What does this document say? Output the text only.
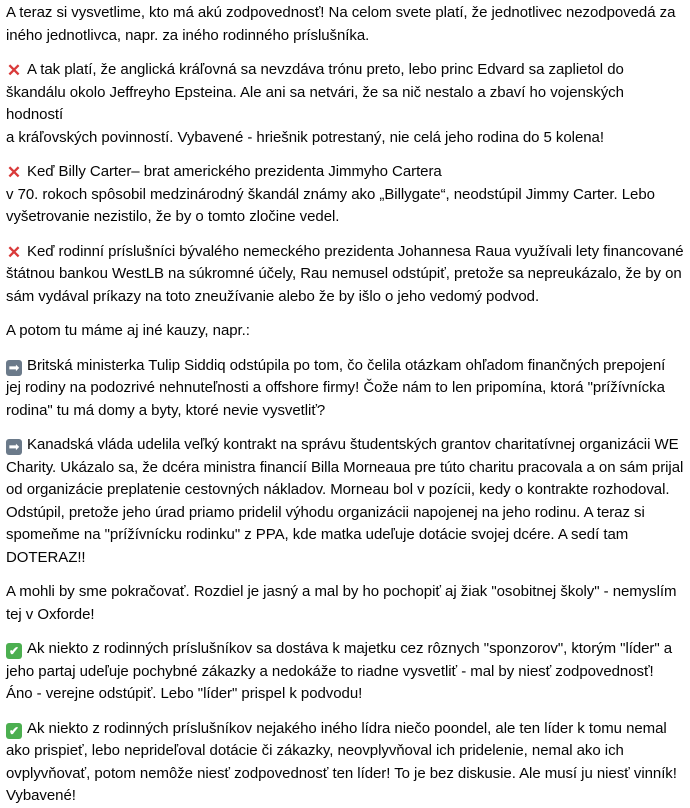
A teraz si vysvetlime, kto má akú zodpovednosť! Na celom svete platí, že jednotlivec nezodpovedá za
iného jednotlivca, napr. za iného rodinného príslušníka.

✕ A tak platí, že anglická kráľovná sa nevzdáva trónu preto, lebo princ Edvard sa zaplietol do
škandálu okolo Jeffreyho Epsteina. Ale ani sa netvári, že sa nič nestalo a zbaví ho vojenských hodností
a kráľovských povinností. Vybavené - hriešnik potrestaný, nie celá jeho rodina do 5 kolena!

✕ Keď Billy Carter– brat amerického prezidenta Jimmyho Cartera
v 70. rokoch spôsobil medzinárodný škandál známy ako „Billygate“, neodstúpil Jimmy Carter. Lebo
vyšetrovanie nezistilo, že by o tomto zločine vedel.

✕ Keď rodinní príslušníci bývalého nemeckého prezidenta Johannesa Raua využívali lety financované
štátnou bankou WestLB na súkromné účely, Rau nemusel odstúpiť, pretože sa nepreukázalo, že by on
sám vydával príkazy na toto zneužívanie alebo že by išlo o jeho vedomý podvod.

A potom tu máme aj iné kauzy, napr.:

➡ Britská ministerka Tulip Siddiq odstúpila po tom, čo čelila otázkam ohľadom finančných prepojení
jej rodiny na podozrivé nehnuteľnosti a offshore firmy! Čože nám to len pripomína, ktorá "prížívnícka
rodina" tu má domy a byty, ktoré nevie vysvetliť?

➡ Kanadská vláda udelila veľký kontrakt na správu študentských grantov charitatívnej organizácii WE
Charity. Ukázalo sa, že dcéra ministra financií Billa Morneaua pre túto charitu pracovala a on sám prijal
od organizácie preplatenie cestovných nákladov. Morneau bol v pozícii, kedy o kontrakte rozhodoval.
Odstúpil, pretože jeho úrad priamo pridelil výhodu organizácii napojenej na jeho rodinu. A teraz si
spomeňme na "prížívnícku rodinku" z PPA, kde matka udeľuje dotácie svojej dcére. A sedí tam
DOTERAZ!!

A mohli by sme pokračovať. Rozdiel je jasný a mal by ho pochopiť aj žiak "osobitnej školy" - nemyslím
tej v Oxforde!

✔ Ak niekto z rodinných príslušníkov sa dostáva k majetku cez rôznych "sponzorov", ktorým "líder" a
jeho partaj udeľuje pochybné zákazky a nedokáže to riadne vysvetliť - mal by niesť zodpovednosť!
Áno - verejne odstúpiť. Lebo "líder" prispel k podvodu!

✔ Ak niekto z rodinných príslušníkov nejakého iného lídra niečo poondel, ale ten líder k tomu nemal
ako prispieť, lebo neprideľoval dotácie či zákazky, neovplyvňoval ich pridelenie, nemal ako ich
ovplyvňovať, potom nemôže niesť zodpovednosť ten líder! To je bez diskusie. Ale musí ju niesť vinník!
Vybavené!
